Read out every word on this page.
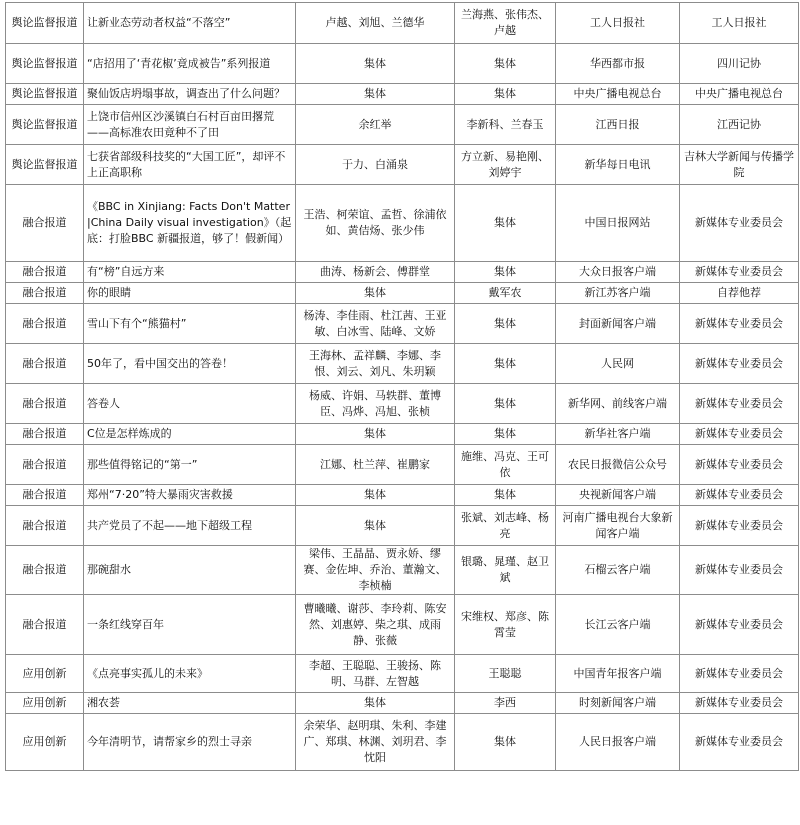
舆论监督报道	让新业态劳动者权益“不落空”	卢越、刘旭、兰德华	兰海燕、张伟杰、卢越	工人日报社	工人日报社
舆论监督报道	“店招用了‘青花椒’竟成被告”系列报道	集体	集体	华西都市报	四川记协
舆论监督报道	聚仙饭店坍塌事故，调查出了什么问题？	集体	集体	中央广播电视总台	中央广播电视总台
舆论监督报道	上饶市信州区沙溪镇白石村百亩田撂荒——高标准农田竟种不了田	余红举	李新科、兰春玉	江西日报	江西记协
舆论监督报道	七获省部级科技奖的“大国工匠”，却评不上正高职称	于力、白涌泉	方立新、易艳刚、刘婷宇	新华每日电讯	吉林大学新闻与传播学院
融合报道	《BBC in Xinjiang: Facts Don't Matter|China Daily visual investigation》（起底：打脸BBC 新疆报道，够了！假新闻）	王浩、柯荣谊、孟哲、徐浦依如、黄佶炀、张少伟	集体	中国日报网站	新媒体专业委员会
融合报道	有“榜”自远方来	曲涛、杨新会、傅群堂	集体	大众日报客户端	新媒体专业委员会
融合报道	你的眼睛	集体	戴军农	新江苏客户端	自荐他荐
融合报道	雪山下有个“熊猫村”	杨涛、李佳雨、杜江茜、王亚敏、白冰雪、陆峰、文娇	集体	封面新闻客户端	新媒体专业委员会
融合报道	50年了，看中国交出的答卷！	王海林、孟祥麟、李娜、李恨、刘云、刘凡、朱玥颖	集体	人民网	新媒体专业委员会
融合报道	答卷人	杨威、许娟、马轶群、董博臣、冯烨、冯旭、张桢	集体	新华网、前线客户端	新媒体专业委员会
融合报道	C位是怎样炼成的	集体	集体	新华社客户端	新媒体专业委员会
融合报道	那些值得铭记的“第一”	江娜、杜兰萍、崔鹏家	施维、冯克、王可依	农民日报微信公众号	新媒体专业委员会
融合报道	郑州“7·20”特大暴雨灾害救援	集体	集体	央视新闻客户端	新媒体专业委员会
融合报道	共产党员了不起——地下超级工程	集体	张斌、刘志峰、杨亮	河南广播电视台大象新闻客户端	新媒体专业委员会
融合报道	那碗甜水	梁伟、王晶晶、贾永娇、缪赛、金佐坤、乔治、董瀚文、李桢楠	银璐、晁瑾、赵卫斌	石榴云客户端	新媒体专业委员会
融合报道	一条红线穿百年	曹曦曦、谢莎、李玲莉、陈安然、刘惠婷、柴之琪、成雨静、张薇	宋维权、郑彦、陈霄莹	长江云客户端	新媒体专业委员会
应用创新	《点亮事实孤儿的未来》	李超、王聪聪、王骏扬、陈明、马群、左智越	王聪聪	中国青年报客户端	新媒体专业委员会
应用创新	湘农荟	集体	李西	时刻新闻客户端	新媒体专业委员会
应用创新	今年清明节，请帮家乡的烈士寻亲	余荣华、赵明琪、朱利、李建广、郑琪、林渊、刘玥君、李忱阳	集体	人民日报客户端	新媒体专业委员会
